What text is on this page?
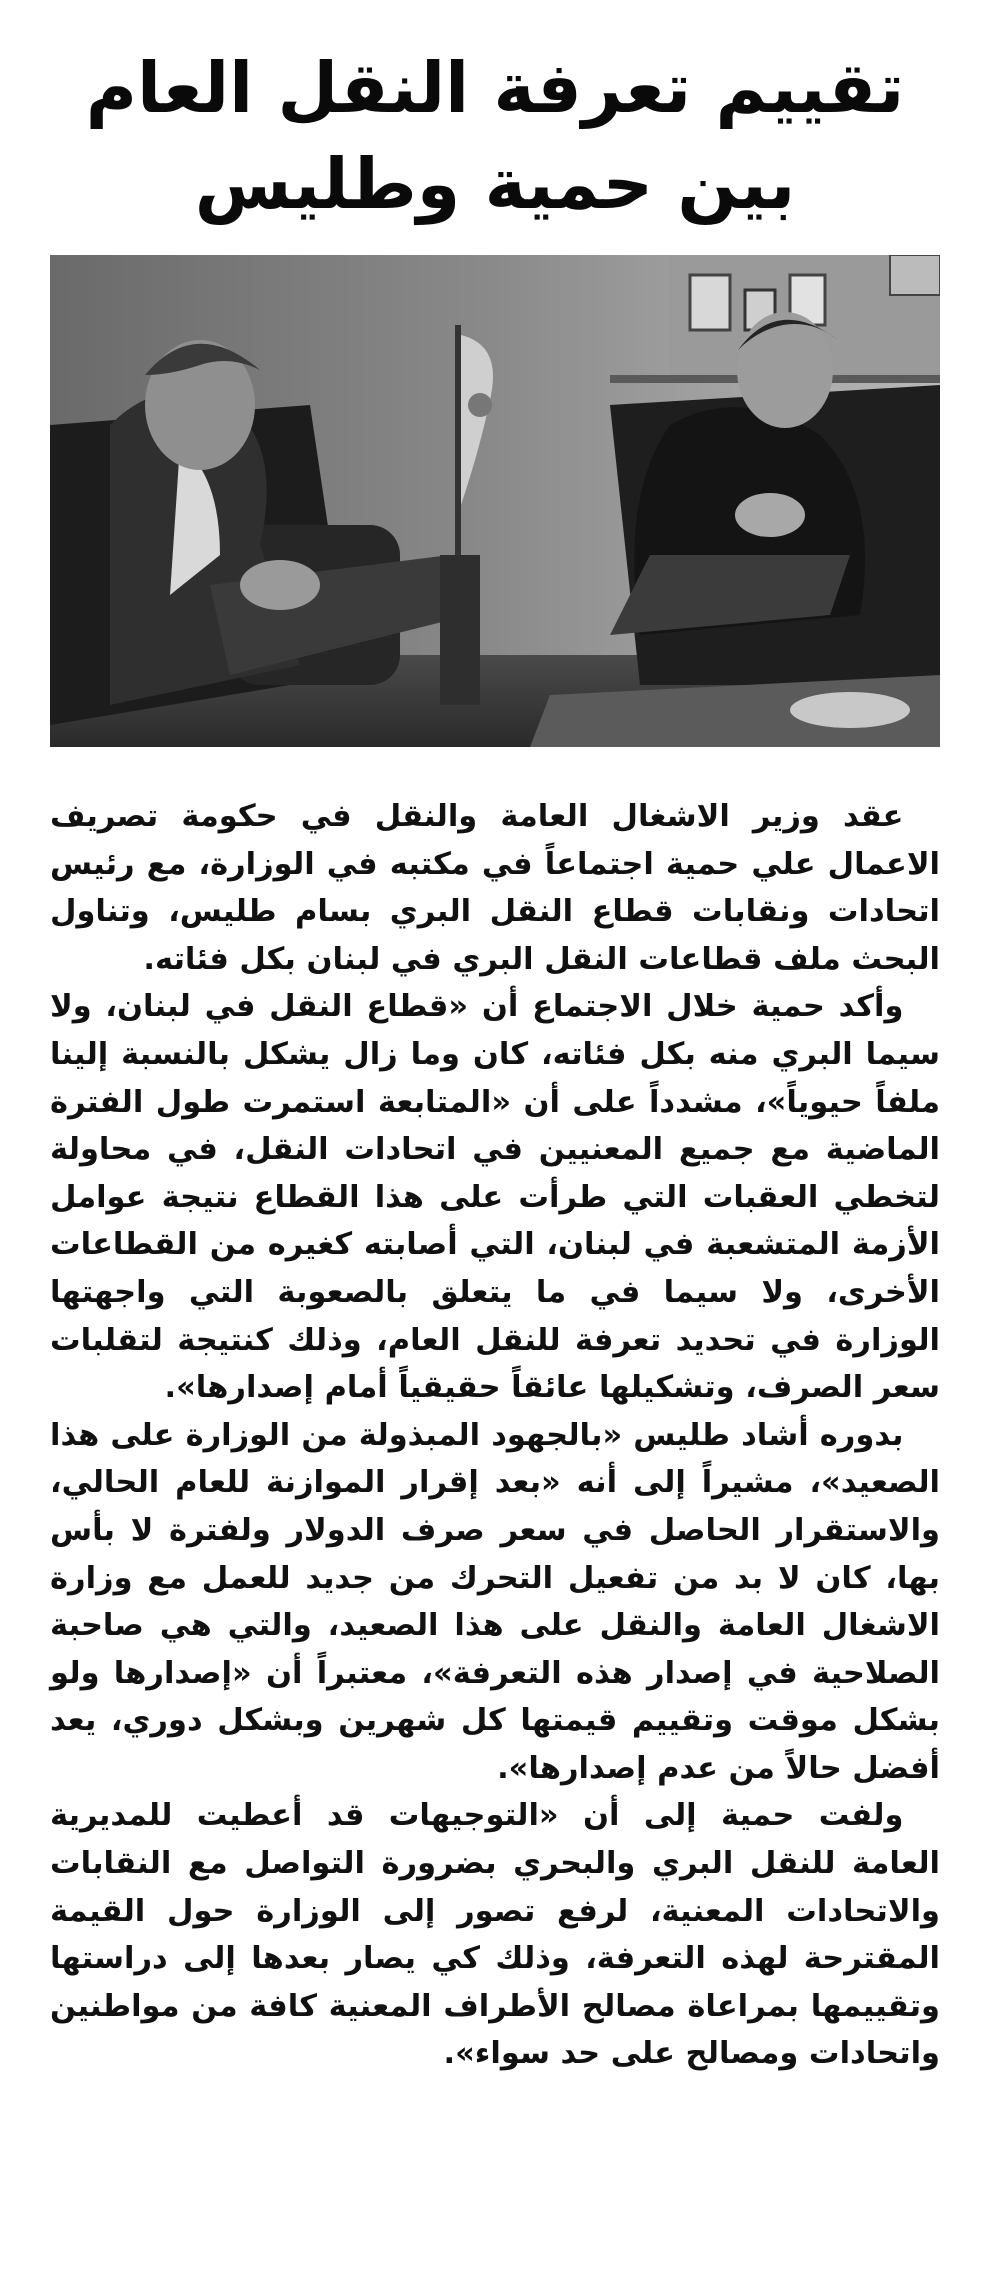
تقييم تعرفة النقل العام
بين حمية وطليس

عقد وزير الاشغال العامة والنقل في حكومة تصريف الاعمال علي حمية اجتماعاً في مكتبه في الوزارة، مع رئيس اتحادات ونقابات قطاع النقل البري بسام طليس، وتناول البحث ملف قطاعات النقل البري في لبنان بكل فئاته.

وأكد حمية خلال الاجتماع أن «قطاع النقل في لبنان، ولا سيما البري منه بكل فئاته، كان وما زال يشكل بالنسبة إلينا ملفاً حيوياً»، مشدداً على أن «المتابعة استمرت طول الفترة الماضية مع جميع المعنيين في اتحادات النقل، في محاولة لتخطي العقبات التي طرأت على هذا القطاع نتيجة عوامل الأزمة المتشعبة في لبنان، التي أصابته كغيره من القطاعات الأخرى، ولا سيما في ما يتعلق بالصعوبة التي واجهتها الوزارة في تحديد تعرفة للنقل العام، وذلك كنتيجة لتقلبات سعر الصرف، وتشكيلها عائقاً حقيقياً أمام إصدارها».

بدوره أشاد طليس «بالجهود المبذولة من الوزارة على هذا الصعيد»، مشيراً إلى أنه «بعد إقرار الموازنة للعام الحالي، والاستقرار الحاصل في سعر صرف الدولار ولفترة لا بأس بها، كان لا بد من تفعيل التحرك من جديد للعمل مع وزارة الاشغال العامة والنقل على هذا الصعيد، والتي هي صاحبة الصلاحية في إصدار هذه التعرفة»، معتبراً أن «إصدارها ولو بشكل موقت وتقييم قيمتها كل شهرين وبشكل دوري، يعد أفضل حالاً من عدم إصدارها».

ولفت حمية إلى أن «التوجيهات قد أعطيت للمديرية العامة للنقل البري والبحري بضرورة التواصل مع النقابات والاتحادات المعنية، لرفع تصور إلى الوزارة حول القيمة المقترحة لهذه التعرفة، وذلك كي يصار بعدها إلى دراستها وتقييمها بمراعاة مصالح الأطراف المعنية كافة من مواطنين واتحادات ومصالح على حد سواء».
